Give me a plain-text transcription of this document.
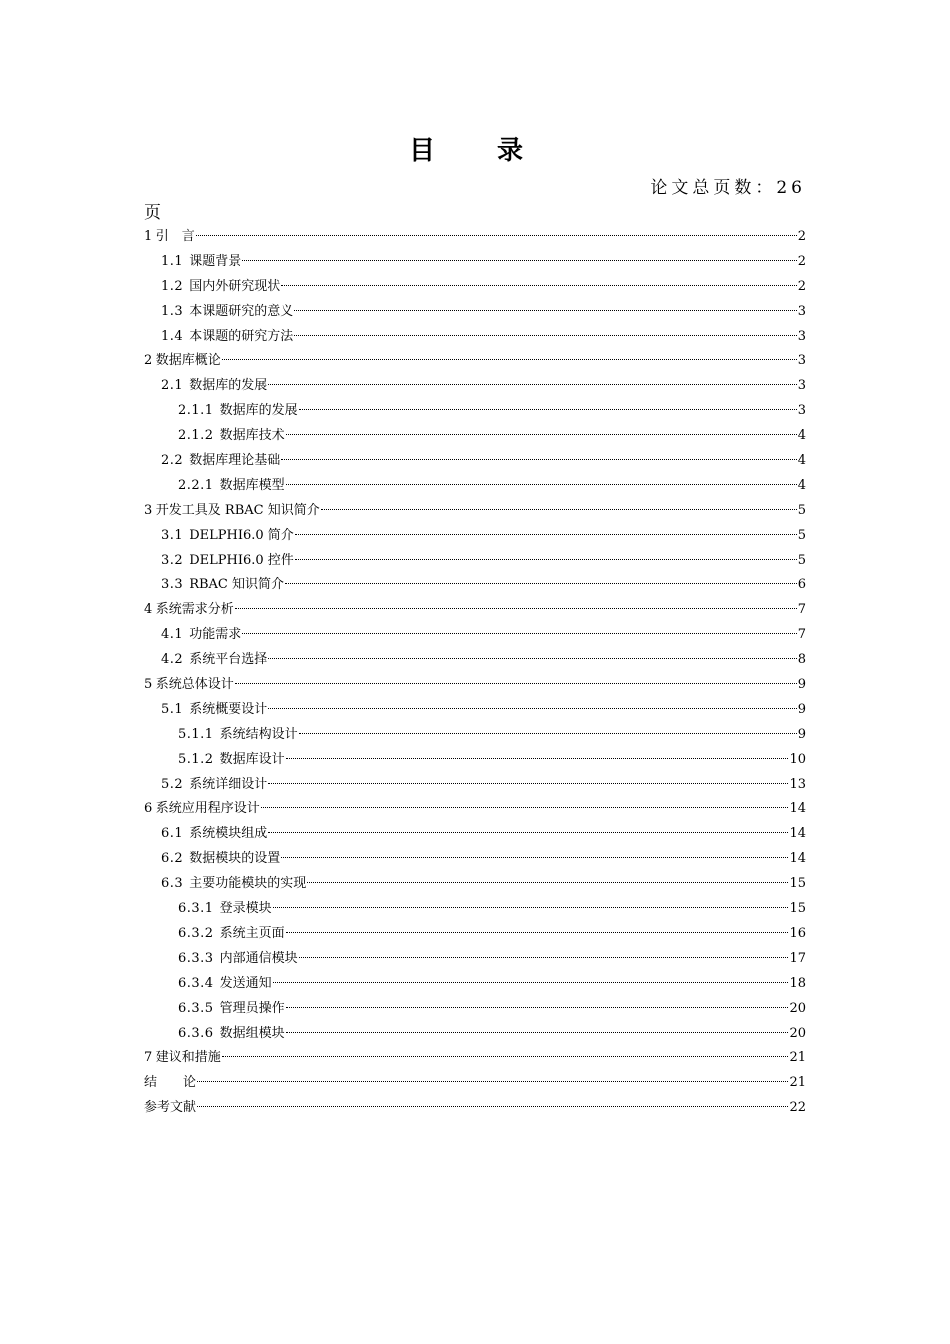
目　录
论文总页数：26
页
1 引　言	2
1.1 课题背景	2
1.2 国内外研究现状	2
1.3 本课题研究的意义	3
1.4 本课题的研究方法	3
2 数据库概论	3
2.1 数据库的发展	3
2.1.1 数据库的发展	3
2.1.2 数据库技术	4
2.2 数据库理论基础	4
2.2.1 数据库模型	4
3 开发工具及 RBAC 知识简介	5
3.1 DELPHI6.0 简介	5
3.2 DELPHI6.0 控件	5
3.3 RBAC 知识简介	6
4 系统需求分析	7
4.1 功能需求	7
4.2 系统平台选择	8
5 系统总体设计	9
5.1 系统概要设计	9
5.1.1 系统结构设计	9
5.1.2 数据库设计	10
5.2 系统详细设计	13
6 系统应用程序设计	14
6.1 系统模块组成	14
6.2 数据模块的设置	14
6.3 主要功能模块的实现	15
6.3.1 登录模块	15
6.3.2 系统主页面	16
6.3.3 内部通信模块	17
6.3.4 发送通知	18
6.3.5 管理员操作	20
6.3.6 数据组模块	20
7 建议和措施	21
结　　论	21
参考文献	22
